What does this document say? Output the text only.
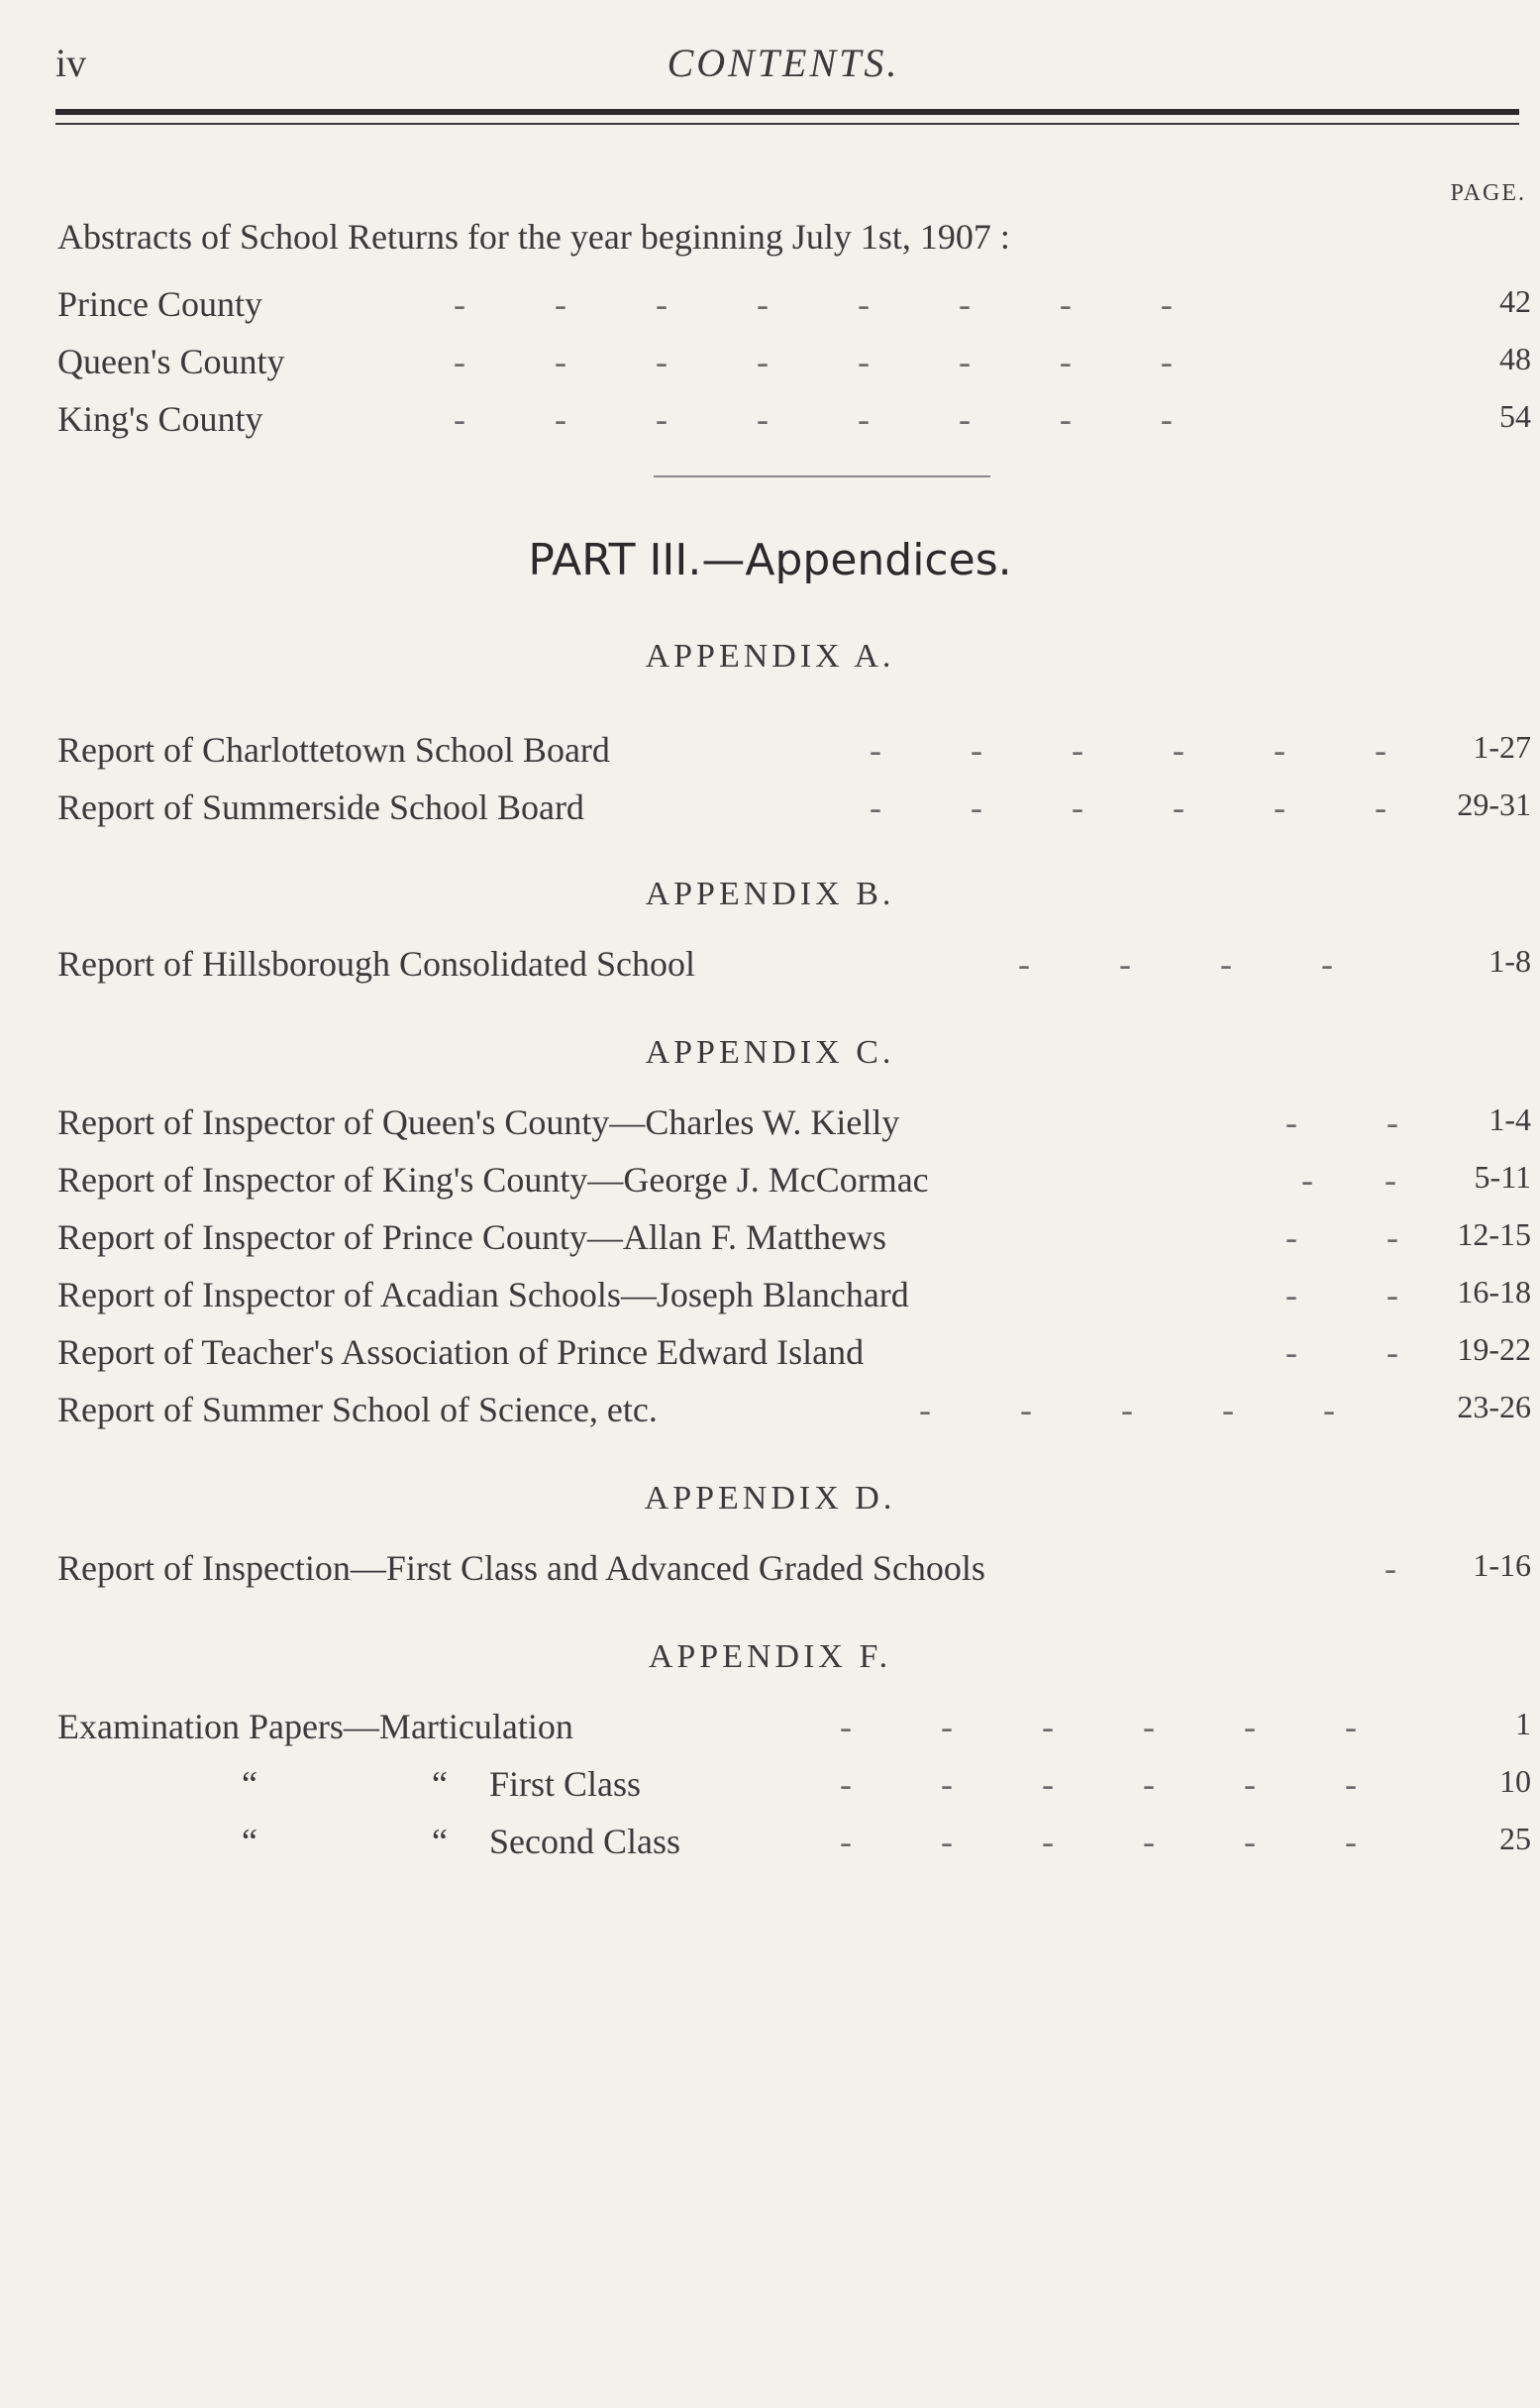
iv	CONTENTS.
PAGE.
Abstracts of School Returns for the year beginning July 1st, 1907 :
Prince County	-          -          -          -          -          -          -          -	42
Queen's County	-          -          -          -          -          -          -          -	48
King's County	-          -          -          -          -          -          -          -	54
PART III.—Appendices.
APPENDIX A.
Report of Charlottetown School Board	-          -          -          -          -          -	1-27
Report of Summerside School Board	-          -          -          -          -          - 29-31
APPENDIX B.
Report of Hillsborough Consolidated School	-          -          -          -	1-8
APPENDIX C.
Report of Inspector of Queen's County—Charles W. Kielly	-          -	1-4
Report of Inspector of King's County—George J. McCormac	-        - 5-11
Report of Inspector of Prince County—Allan F. Matthews	-          - 12-15
Report of Inspector of Acadian Schools—Joseph Blanchard	-          - 16-18
Report of Teacher's Association of Prince Edward Island	-          - 19-22
Report of Summer School of Science, etc.	-          -          -          -          -	23-26
APPENDIX D.
Report of Inspection—First Class and Advanced Graded Schools	- 1-16
APPENDIX F.
Examination Papers—Marticulation	-          -          -          -          -          -	1
“	“ First Class	-          -          -          -          -          -	10
“	“ Second Class	-          -          -          -          -          -	25
